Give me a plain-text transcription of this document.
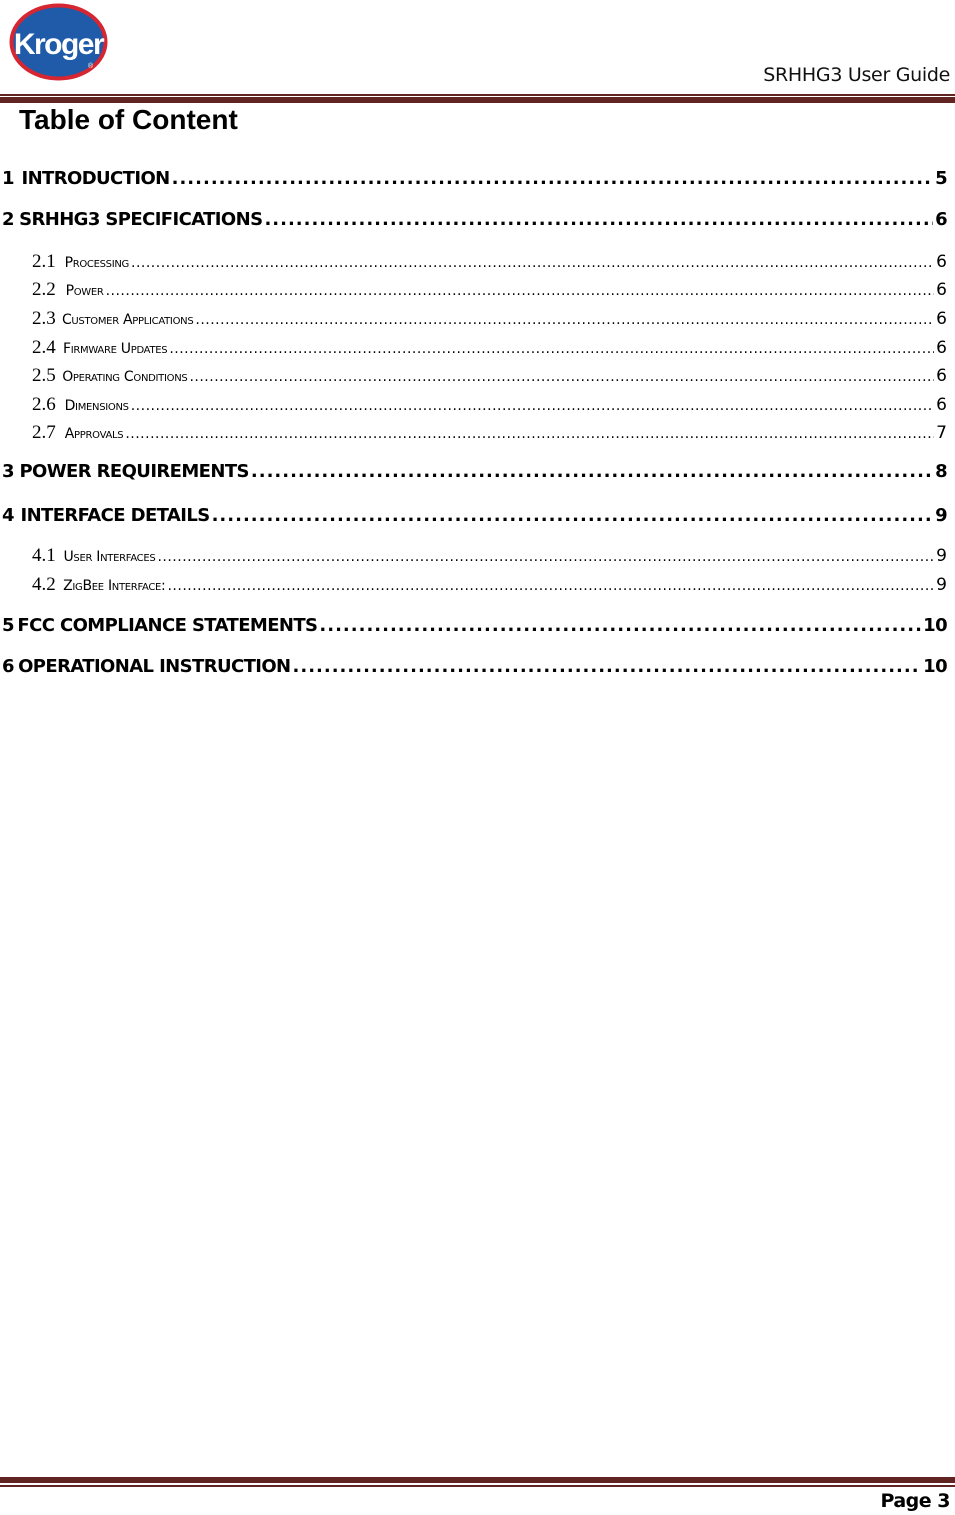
Kroger
®	SRHHG3 User Guide
Table of Content
1 INTRODUCTION .....	5
2 SRHHG3 SPECIFICATIONS .....	6
2.1 Processing .....	6
2.2 Power .....	6
2.3 Customer Applications .....	6
2.4 Firmware Updates .....	6
2.5 Operating Conditions .....	6
2.6 Dimensions .....	6
2.7 Approvals .....	7
3 POWER REQUIREMENTS .....	8
4 INTERFACE DETAILS .....	9
4.1 User Interfaces .....	9
4.2 ZigBee Interface: .....	9
5 FCC COMPLIANCE STATEMENTS .....	10
6 OPERATIONAL INSTRUCTION .....	10
Page 3
